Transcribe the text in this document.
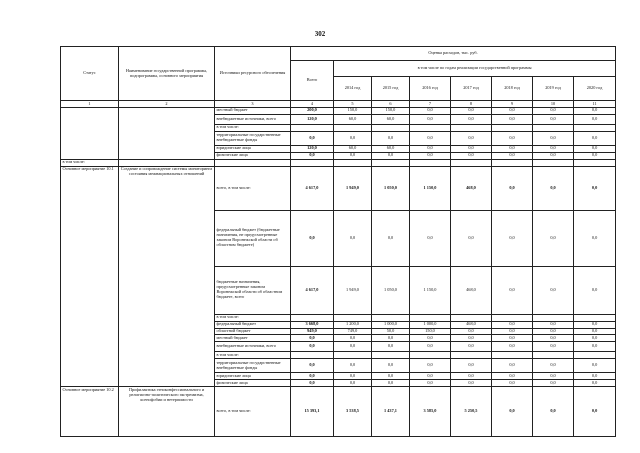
302
Статус	Наименование государственной программы, подпрограммы, основного мероприятия	Источники ресурсного обеспечения	Оценка расходов, тыс. руб.							
			Всего	в том числе по годам реализации государственной программы						
				2014 год	2015 год	2016 год	2017 год	2018 год	2019 год	2020 год
1	2	3	4	5	6	7	8	9	10	11
		местный бюджет	200,0	150,0	150,0	0,0	0,0	0,0	0,0	0,0
		внебюджетные источники, всего	120,0	60,0	60,0	0,0	0,0	0,0	0,0	0,0
		в том числе:								
		территориальные государственные внебюджетные фонды	0,0	0,0	0,0	0,0	0,0	0,0	0,0	0,0
		юридические лица	120,0	60,0	60,0	0,0	0,0	0,0	0,0	0,0
		физические лица	0,0	0,0	0,0	0,0	0,0	0,0	0,0	0,0
в том числе:										
Основное мероприятие 10.1	Создание и сопровождение системы мониторинга состояния межнациональных отношений	всего, в том числе:	4 617,0	1 949,0	1 050,0	1 150,0	468,0	0,0	0,0	0,0
		федеральный бюджет (бюджетные назначения, не предусмотренные законом Воронежской области об областном бюджете)	0,0	0,0	0,0	0,0	0,0	0,0	0,0	0,0
		бюджетные назначения, предусмотренные законом Воронежской области об областном бюджете, всего	4 617,0	1 949,0	1 050,0	1 150,0	468,0	0,0	0,0	0,0
		в том числе:								
		федеральный бюджет	3 668,0	1 200,0	1 000,0	1 000,0	468,0	0,0	0,0	0,0
		областной бюджет	949,0	749,0	50,0	150,0	0,0	0,0	0,0	0,0
		местный бюджет	0,0	0,0	0,0	0,0	0,0	0,0	0,0	0,0
		внебюджетные источники, всего	0,0	0,0	0,0	0,0	0,0	0,0	0,0	0,0
		в том числе:								
		территориальные государственные внебюджетные фонды	0,0	0,0	0,0	0,0	0,0	0,0	0,0	0,0
		юридические лица	0,0	0,0	0,0	0,0	0,0	0,0	0,0	0,0
		физические лица	0,0	0,0	0,0	0,0	0,0	0,0	0,0	0,0
Основное мероприятие 10.2	Профилактика этноконфессионального и религиозно-политического экстремизма, ксенофобии и нетерпимости	всего, в том числе:	15 393,1	3 538,5	1 437,1	3 585,0	5 250,5	0,0	0,0	0,0
